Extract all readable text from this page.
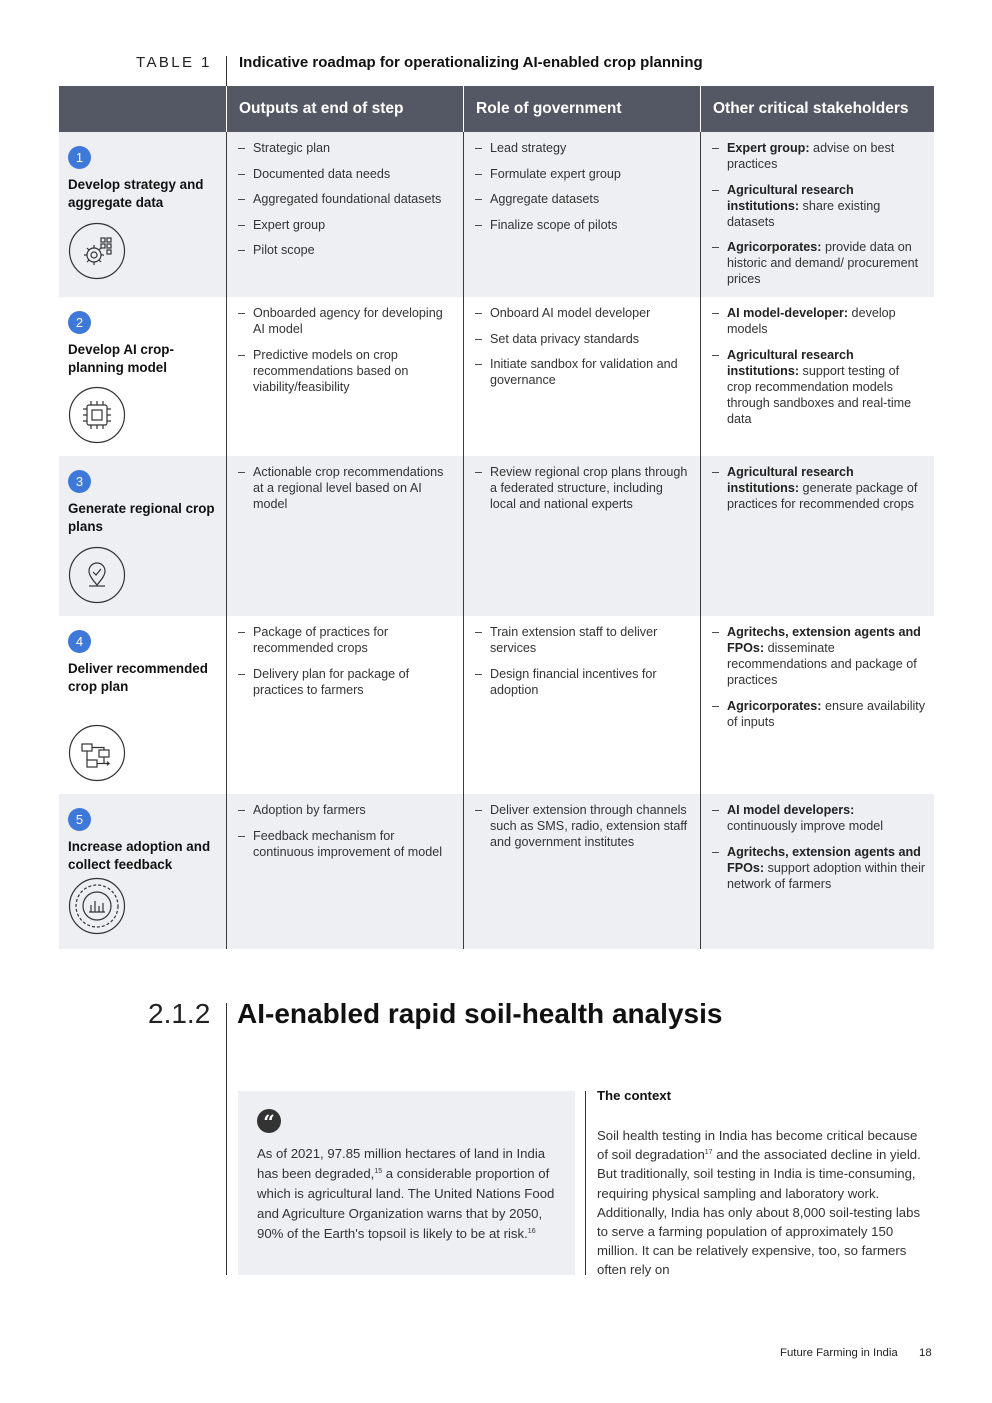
TABLE 1 Indicative roadmap for operationalizing AI-enabled crop planning
Outputs at end of step	Role of government	Other critical stakeholders
1
Develop strategy and aggregate data
– Strategic plan
– Documented data needs
– Aggregated foundational datasets
– Expert group
– Pilot scope
– Lead strategy
– Formulate expert group
– Aggregate datasets
– Finalize scope of pilots
– Expert group: advise on best practices
– Agricultural research institutions: share existing datasets
– Agricorporates: provide data on historic and demand/ procurement prices
2
Develop AI crop-planning model
– Onboarded agency for developing AI model
– Predictive models on crop recommendations based on viability/feasibility
– Onboard AI model developer
– Set data privacy standards
– Initiate sandbox for validation and governance
– AI model-developer: develop models
– Agricultural research institutions: support testing of crop recommendation models through sandboxes and real-time data
3
Generate regional crop plans
– Actionable crop recommendations at a regional level based on AI model
– Review regional crop plans through a federated structure, including local and national experts
– Agricultural research institutions: generate package of practices for recommended crops
4
Deliver recommended crop plan
– Package of practices for recommended crops
– Delivery plan for package of practices to farmers
– Train extension staff to deliver services
– Design financial incentives for adoption
– Agritechs, extension agents and FPOs: disseminate recommendations and package of practices
– Agricorporates: ensure availability of inputs
5
Increase adoption and collect feedback
– Adoption by farmers
– Feedback mechanism for continuous improvement of model
– Deliver extension through channels such as SMS, radio, extension staff and government institutes
– AI model developers: continuously improve model
– Agritechs, extension agents and FPOs: support adoption within their network of farmers
2.1.2 AI-enabled rapid soil-health analysis
“

As of 2021, 97.85 million hectares of land in India has been degraded,$^{15}$ a considerable proportion of which is agricultural land. The United Nations Food and Agriculture Organization warns that by 2050, 90% of the Earth's topsoil is likely to be at risk.$^{16}$

The context

Soil health testing in India has become critical because of soil degradation$^{17}$ and the associated decline in yield. But traditionally, soil testing in India is time-consuming, requiring physical sampling and laboratory work. Additionally, India has only about 8,000 soil-testing labs to serve a farming population of approximately 150 million. It can be relatively expensive, too, so farmers often rely on

Future Farming in India 18
